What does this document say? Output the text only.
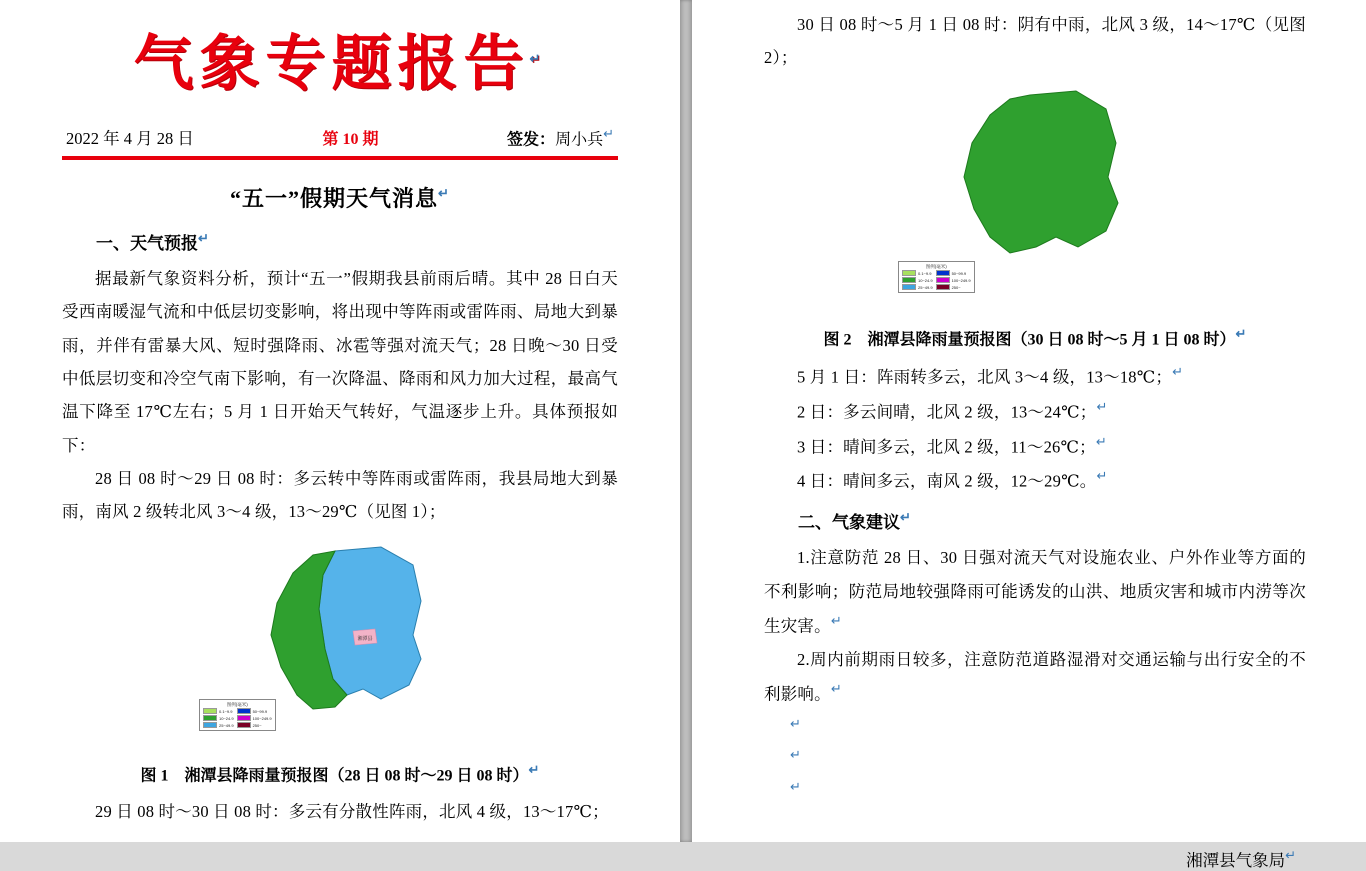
气象专题报告↵
2022 年 4 月 28 日	第 10 期	签发：周小兵↵
“五一”假期天气消息↵
一、天气预报↵

据最新气象资料分析，预计“五一”假期我县前雨后晴。其中 28 日白天受西南暖湿气流和中低层切变影响，将出现中等阵雨或雷阵雨、局地大到暴雨，并伴有雷暴大风、短时强降雨、冰雹等强对流天气；28 日晚～30 日受中低层切变和冷空气南下影响，有一次降温、降雨和风力加大过程，最高气温下降至 17℃左右；5 月 1 日开始天气转好，气温逐步上升。具体预报如下：

28 日 08 时～29 日 08 时：多云转中等阵雨或雷阵雨，我县局地大到暴雨，南风 2 级转北风 3～4 级，13～29℃（见图 1）；

湘潭县
图例(毫米)
0.1~9.9
10~24.9
25~49.9
50~99.9
100~249.9
250~
图 1　湘潭县降雨量预报图（28 日 08 时～29 日 08 时）↵

29 日 08 时～30 日 08 时：多云有分散性阵雨，北风 4 级，13～17℃；

30 日 08 时～5 月 1 日 08 时：阴有中雨，北风 3 级，14～17℃（见图 2）；

图例(毫米)
0.1~9.9
10~24.9
25~49.9
50~99.9
100~249.9
250~
图 2　湘潭县降雨量预报图（30 日 08 时～5 月 1 日 08 时）↵

5 月 1 日：阵雨转多云，北风 3～4 级，13～18℃；↵

2 日：多云间晴，北风 2 级，13～24℃；↵

3 日：晴间多云，北风 2 级，11～26℃；↵

4 日：晴间多云，南风 2 级，12～29℃。↵

二、气象建议↵

1.注意防范 28 日、30 日强对流天气对设施农业、户外作业等方面的不利影响；防范局地较强降雨可能诱发的山洪、地质灾害和城市内涝等次生灾害。↵

2.周内前期雨日较多，注意防范道路湿滑对交通运输与出行安全的不利影响。↵

↵
↵
↵
湘潭县气象局↵
